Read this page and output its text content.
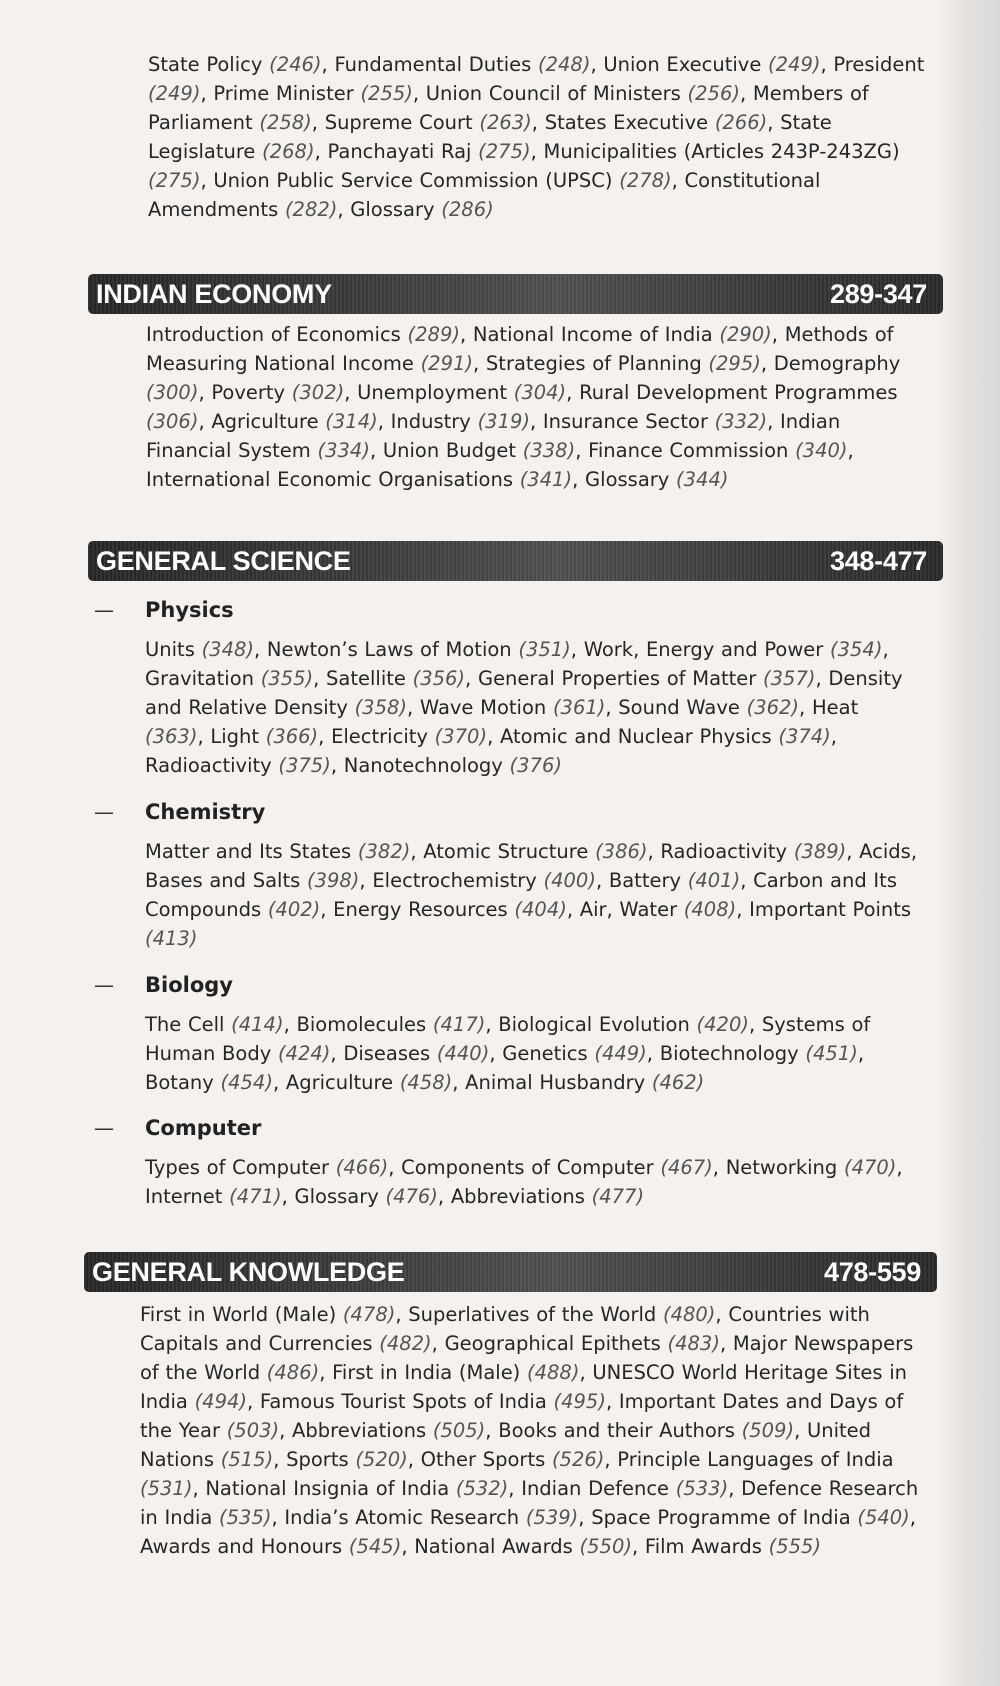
State Policy (246), Fundamental Duties (248), Union Executive (249), President (249), Prime Minister (255), Union Council of Ministers (256), Members of Parliament (258), Supreme Court (263), States Executive (266), State Legislature (268), Panchayati Raj (275), Municipalities (Articles 243P-243ZG) (275), Union Public Service Commission (UPSC) (278), Constitutional Amendments (282), Glossary (286)

INDIAN ECONOMY	289-347

Introduction of Economics (289), National Income of India (290), Methods of Measuring National Income (291), Strategies of Planning (295), Demography (300), Poverty (302), Unemployment (304), Rural Development Programmes (306), Agriculture (314), Industry (319), Insurance Sector (332), Indian Financial System (334), Union Budget (338), Finance Commission (340), International Economic Organisations (341), Glossary (344)

GENERAL SCIENCE	348-477
— Physics

Units (348), Newton’s Laws of Motion (351), Work, Energy and Power (354), Gravitation (355), Satellite (356), General Properties of Matter (357), Density and Relative Density (358), Wave Motion (361), Sound Wave (362), Heat (363), Light (366), Electricity (370), Atomic and Nuclear Physics (374), Radioactivity (375), Nanotechnology (376)

— Chemistry

Matter and Its States (382), Atomic Structure (386), Radioactivity (389), Acids, Bases and Salts (398), Electrochemistry (400), Battery (401), Carbon and Its Compounds (402), Energy Resources (404), Air, Water (408), Important Points (413)

— Biology

The Cell (414), Biomolecules (417), Biological Evolution (420), Systems of Human Body (424), Diseases (440), Genetics (449), Biotechnology (451), Botany (454), Agriculture (458), Animal Husbandry (462)

— Computer

Types of Computer (466), Components of Computer (467), Networking (470), Internet (471), Glossary (476), Abbreviations (477)

GENERAL KNOWLEDGE	478-559

First in World (Male) (478), Superlatives of the World (480), Countries with Capitals and Currencies (482), Geographical Epithets (483), Major Newspapers of the World (486), First in India (Male) (488), UNESCO World Heritage Sites in India (494), Famous Tourist Spots of India (495), Important Dates and Days of the Year (503), Abbreviations (505), Books and their Authors (509), United Nations (515), Sports (520), Other Sports (526), Principle Languages of India (531), National Insignia of India (532), Indian Defence (533), Defence Research in India (535), India’s Atomic Research (539), Space Programme of India (540), Awards and Honours (545), National Awards (550), Film Awards (555)
